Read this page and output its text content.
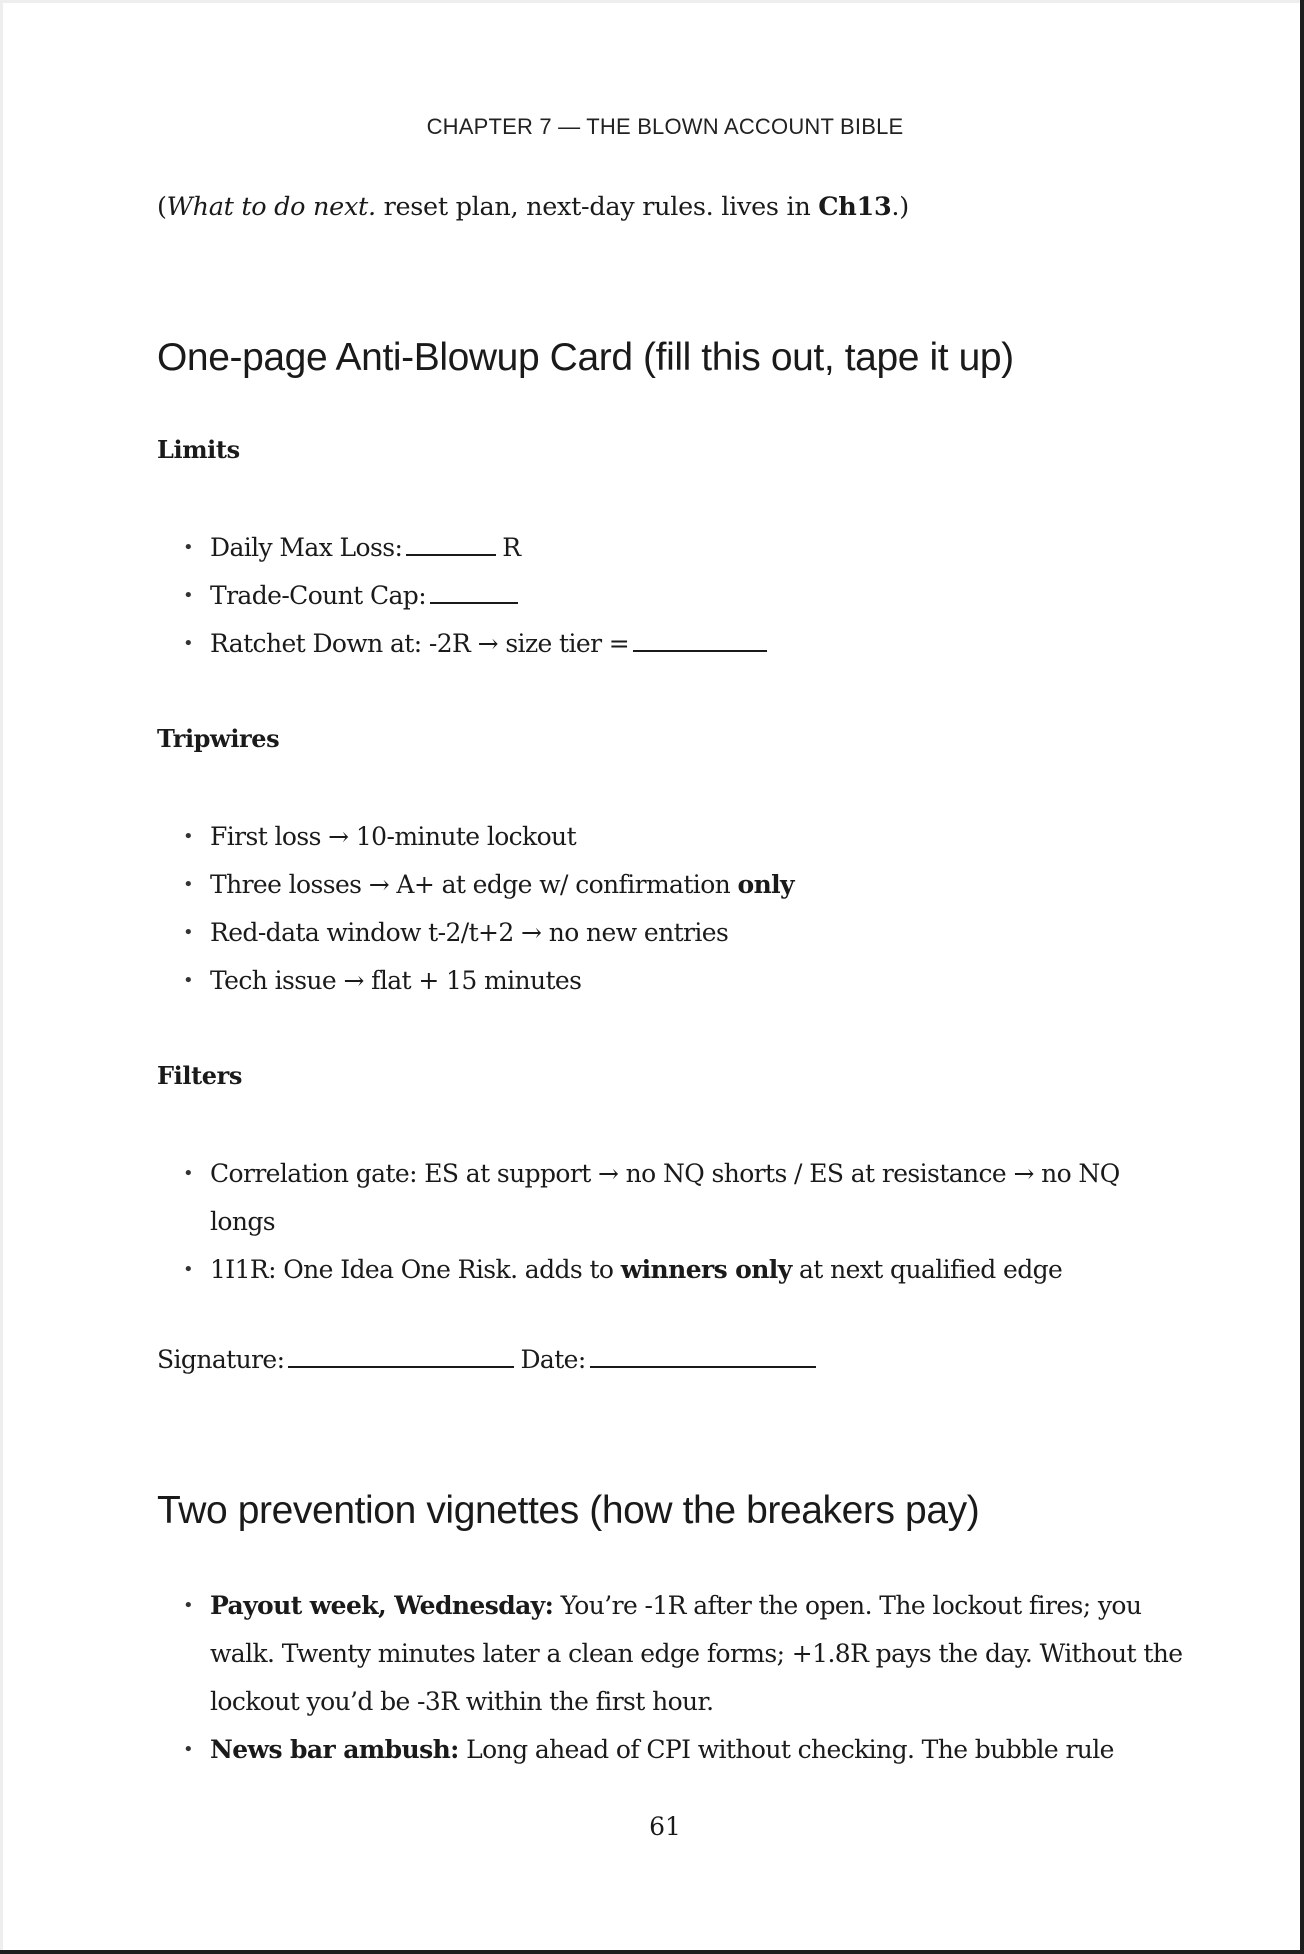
CHAPTER 7 — THE BLOWN ACCOUNT BIBLE
(What to do next. reset plan, next-day rules. lives in Ch13.)
One-page Anti-Blowup Card (fill this out, tape it up)
Limits
• Daily Max Loss:	R
• Trade-Count Cap:
• Ratchet Down at: -2R → size tier =
Tripwires
• First loss → 10-minute lockout
• Three losses → A+ at edge w/ confirmation only
• Red-data window t-2/t+2 → no new entries
• Tech issue → flat + 15 minutes
Filters
• Correlation gate: ES at support → no NQ shorts / ES at resistance → no NQ longs
• 1I1R: One Idea One Risk. adds to winners only at next qualified edge
Signature:	Date:
Two prevention vignettes (how the breakers pay)
• Payout week, Wednesday: You’re -1R after the open. The lockout fires; you walk. Twenty minutes later a clean edge forms; +1.8R pays the day. Without the lockout you’d be -3R within the first hour.
• News bar ambush: Long ahead of CPI without checking. The bubble rule
61
